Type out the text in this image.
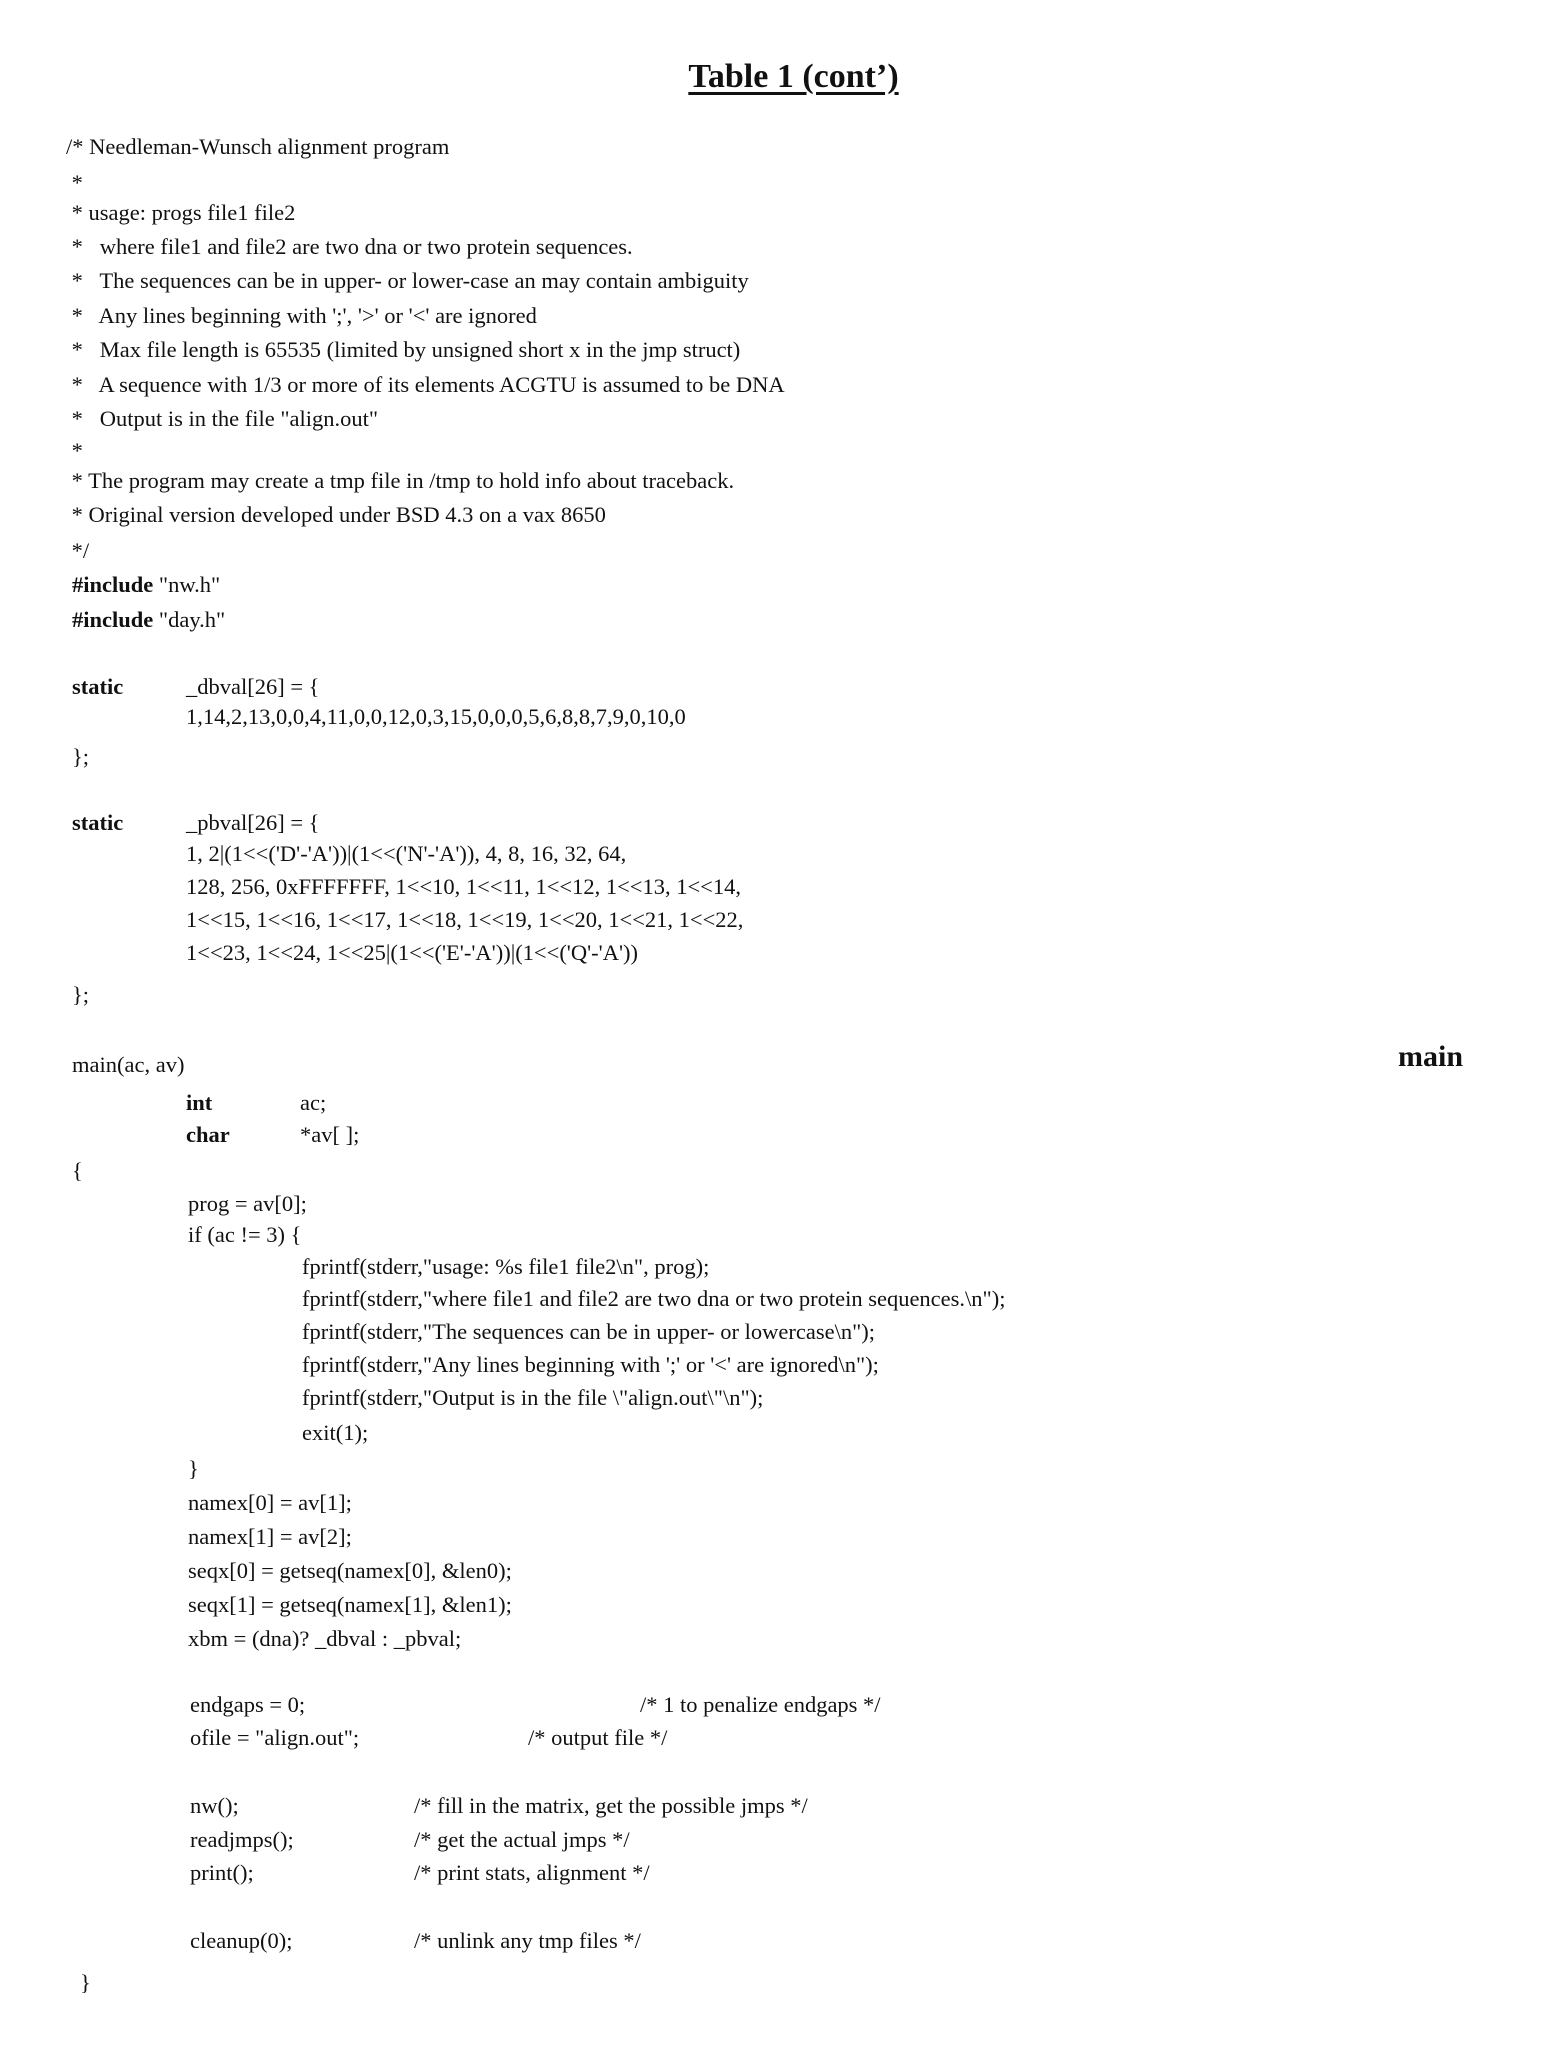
Table 1 (cont’)
main
/* Needleman-Wunsch alignment program
*
* usage: progs file1 file2
*   where file1 and file2 are two dna or two protein sequences.
*   The sequences can be in upper- or lower-case an may contain ambiguity
*   Any lines beginning with ';', '>' or '<' are ignored
*   Max file length is 65535 (limited by unsigned short x in the jmp struct)
*   A sequence with 1/3 or more of its elements ACGTU is assumed to be DNA
*   Output is in the file "align.out"
*
* The program may create a tmp file in /tmp to hold info about traceback.
* Original version developed under BSD 4.3 on a vax 8650
*/
#include "nw.h"
#include "day.h"
static	_dbval[26] = {
1,14,2,13,0,0,4,11,0,0,12,0,3,15,0,0,0,5,6,8,8,7,9,0,10,0
};
static	_pbval[26] = {
1, 2|(1<<('D'-'A'))|(1<<('N'-'A')), 4, 8, 16, 32, 64,
128, 256, 0xFFFFFFF, 1<<10, 1<<11, 1<<12, 1<<13, 1<<14,
1<<15, 1<<16, 1<<17, 1<<18, 1<<19, 1<<20, 1<<21, 1<<22,
1<<23, 1<<24, 1<<25|(1<<('E'-'A'))|(1<<('Q'-'A'))
};
main(ac, av)
int	ac;
char	*av[ ];
{
prog = av[0];
if (ac != 3) {
fprintf(stderr,"usage: %s file1 file2\n", prog);
fprintf(stderr,"where file1 and file2 are two dna or two protein sequences.\n");
fprintf(stderr,"The sequences can be in upper- or lowercase\n");
fprintf(stderr,"Any lines beginning with ';' or '<' are ignored\n");
fprintf(stderr,"Output is in the file \"align.out\"\n");
exit(1);
}
namex[0] = av[1];
namex[1] = av[2];
seqx[0] = getseq(namex[0], &len0);
seqx[1] = getseq(namex[1], &len1);
xbm = (dna)? _dbval : _pbval;
endgaps = 0;	/* 1 to penalize endgaps */
ofile = "align.out";	/* output file */
nw();	/* fill in the matrix, get the possible jmps */
readjmps();	/* get the actual jmps */
print();	/* print stats, alignment */
cleanup(0);	/* unlink any tmp files */
}
